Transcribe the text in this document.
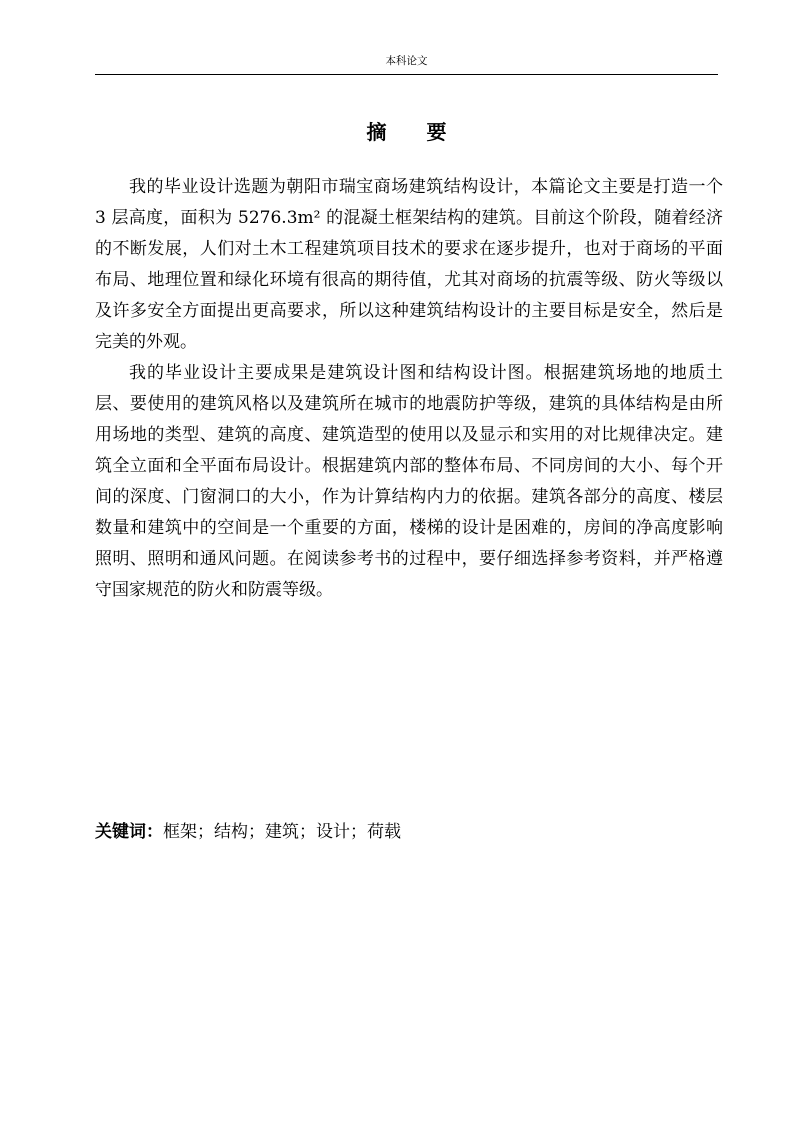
本科论文
摘 要

我的毕业设计选题为朝阳市瑞宝商场建筑结构设计，本篇论文主要是打造一个 3 层高度，面积为 5276.3m² 的混凝土框架结构的建筑。目前这个阶段，随着经济的不断发展，人们对土木工程建筑项目技术的要求在逐步提升，也对于商场的平面布局、地理位置和绿化环境有很高的期待值，尤其对商场的抗震等级、防火等级以及许多安全方面提出更高要求，所以这种建筑结构设计的主要目标是安全，然后是完美的外观。

我的毕业设计主要成果是建筑设计图和结构设计图。根据建筑场地的地质土层、要使用的建筑风格以及建筑所在城市的地震防护等级，建筑的具体结构是由所用场地的类型、建筑的高度、建筑造型的使用以及显示和实用的对比规律决定。建筑全立面和全平面布局设计。根据建筑内部的整体布局、不同房间的大小、每个开间的深度、门窗洞口的大小，作为计算结构内力的依据。建筑各部分的高度、楼层数量和建筑中的空间是一个重要的方面，楼梯的设计是困难的，房间的净高度影响照明、照明和通风问题。在阅读参考书的过程中，要仔细选择参考资料，并严格遵守国家规范的防火和防震等级。

关键词：框架；结构；建筑；设计；荷载
